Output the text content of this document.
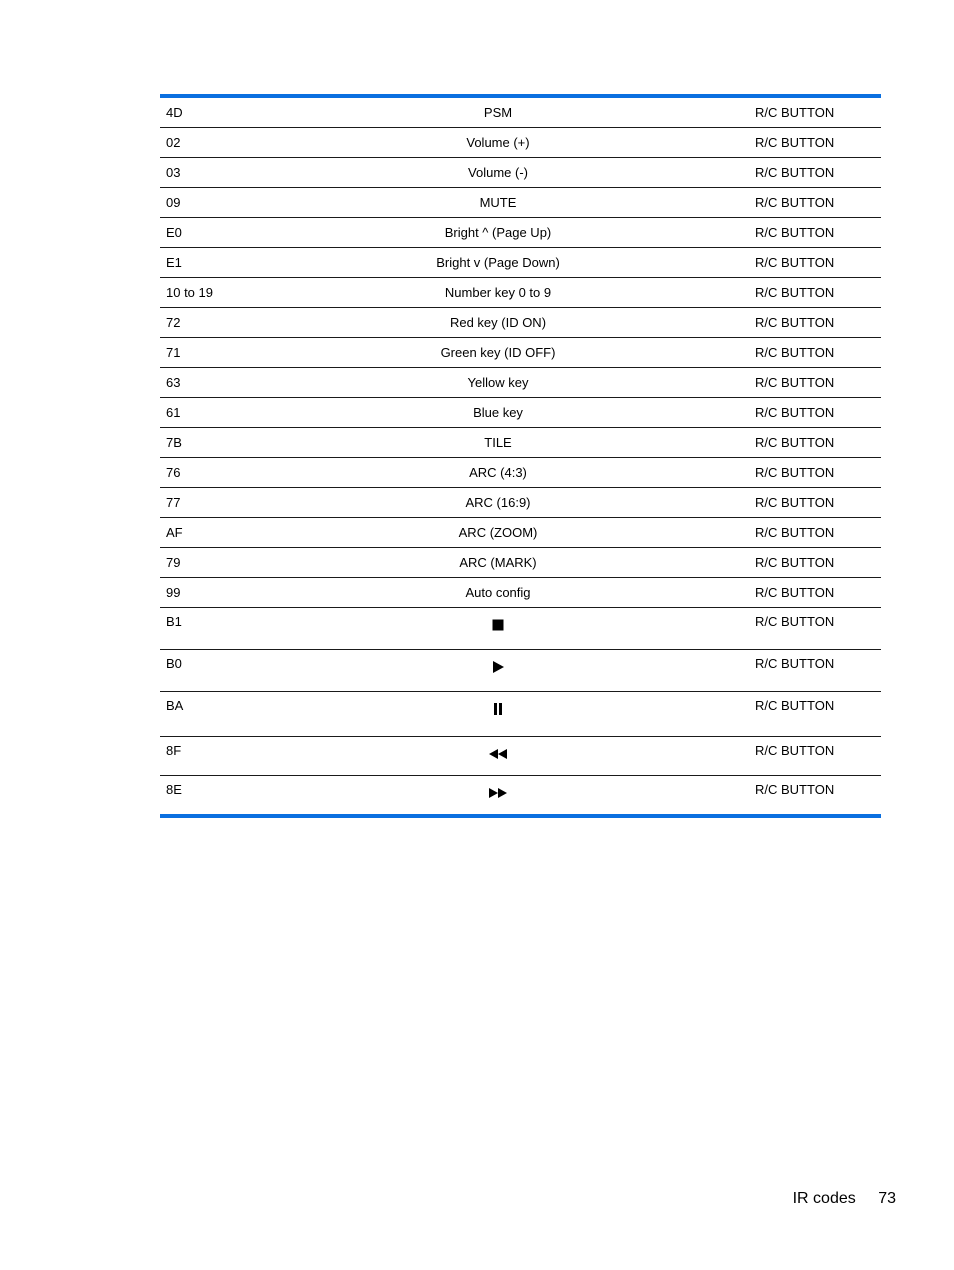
4D	PSM	R/C BUTTON
02	Volume (+)	R/C BUTTON
03	Volume (-)	R/C BUTTON
09	MUTE	R/C BUTTON
E0	Bright ^ (Page Up)	R/C BUTTON
E1	Bright v (Page Down)	R/C BUTTON
10 to 19	Number key 0 to 9	R/C BUTTON
72	Red key (ID ON)	R/C BUTTON
71	Green key (ID OFF)	R/C BUTTON
63	Yellow key	R/C BUTTON
61	Blue key	R/C BUTTON
7B	TILE	R/C BUTTON
76	ARC (4:3)	R/C BUTTON
77	ARC (16:9)	R/C BUTTON
AF	ARC (ZOOM)	R/C BUTTON
79	ARC (MARK)	R/C BUTTON
99	Auto config	R/C BUTTON
B1		R/C BUTTON
B0		R/C BUTTON
BA		R/C BUTTON
8F		R/C BUTTON
8E		R/C BUTTON
IR codes 73
